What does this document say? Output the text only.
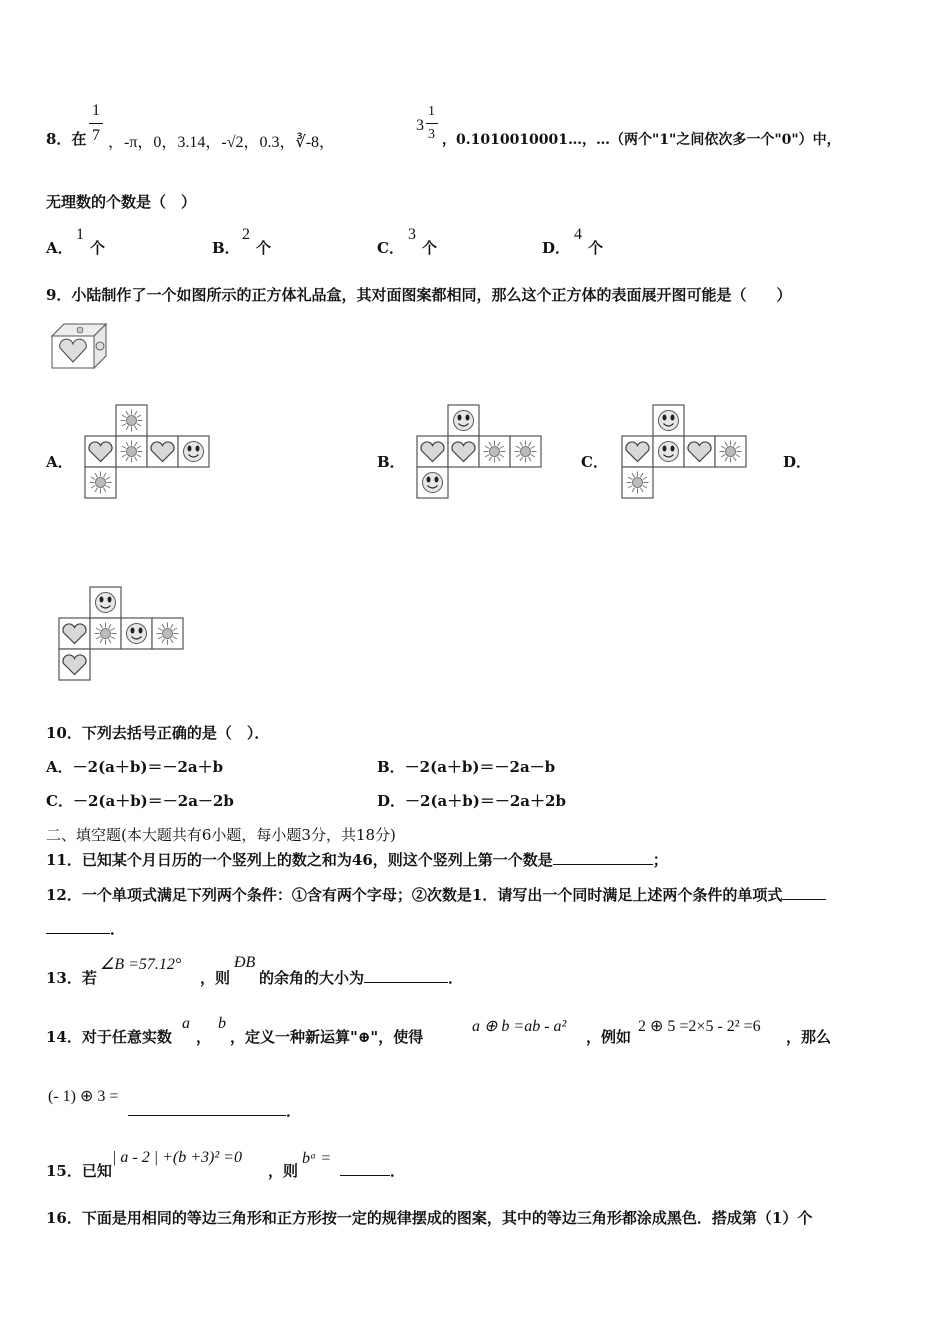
8．在
1
7 ，-π，0，3.14，-√2，0.3，∛-8，
3
1
3 ，0.1010010001…，…（两个"1"之间依次多一个"0"）中，
无理数的个数是（　）
A．
1
个	B．
2
个	C．
3
个	D．
4
个
9．小陆制作了一个如图所示的正方体礼品盒，其对面图案都相同，那么这个正方体的表面展开图可能是（　　）
A．	B．	C．	D．
10．下列去括号正确的是（　）．
A．－2(a＋b)＝－2a＋b	B．－2(a＋b)＝－2a－b
C．－2(a＋b)＝－2a－2b	D．－2(a＋b)＝－2a＋2b
二、填空题(本大题共有6小题，每小题3分，共18分)
11．已知某个月日历的一个竖列上的数之和为46，则这个竖列上第一个数是	；
12．一个单项式满足下列两个条件：①含有两个字母；②次数是1．请写出一个同时满足上述两个条件的单项式
．
13．若
∠B =57.12°
，则
ÐB
的余角的大小为	．
14．对于任意实数
a
，
b
，定义一种新运算"⊕"，使得
a ⊕ b =ab - a²
，例如
2 ⊕ 5 =2×5 - 2² =6
，那么
(- 1) ⊕ 3 =
．
15．已知
| a - 2 | +(b +3)² =0
，则
bᵃ =
．
16．下面是用相同的等边三角形和正方形按一定的规律摆成的图案，其中的等边三角形都涂成黑色．搭成第（1）个
